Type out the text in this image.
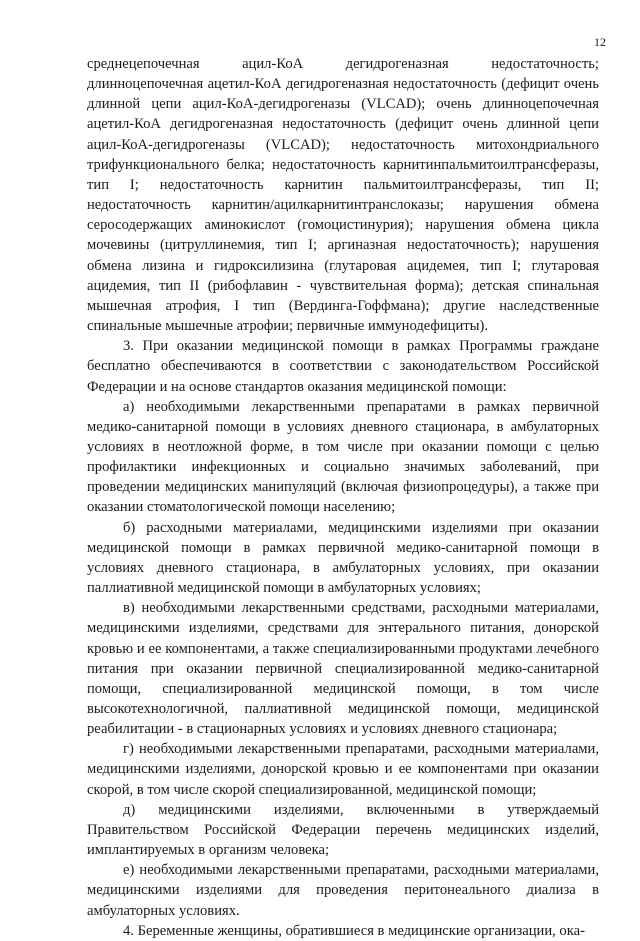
12

среднецепочечная ацил-КоА дегидрогеназная недостаточность; длинноцепочечная ацетил-КоА дегидрогеназная недостаточность (дефицит очень длинной цепи ацил-КоА-дегидрогеназы (VLCAD); очень длинноцепочечная ацетил-КоА дегидрогеназная недостаточность (дефицит очень длинной цепи ацил-КоА-дегидрогеназы (VLCAD); недостаточность митохондриального трифункционального белка; недостаточность карнитинпальмитоилтрансферазы, тип I; недостаточность карнитин пальмитоилтрансферазы, тип II; недостаточность карнитин/ацилкарнитинтранслоказы; нарушения обмена серосодержащих аминокислот (гомоцистинурия); нарушения обмена цикла мочевины (цитруллинемия, тип I; аргиназная недостаточность); нарушения обмена лизина и гидроксилизина (глутаровая ацидемея, тип I; глутаровая ацидемия, тип II (рибофлавин - чувствительная форма); детская спинальная мышечная атрофия, I тип (Вердинга-Гоффмана); другие наследственные спинальные мышечные атрофии; первичные иммунодефициты).

3. При оказании медицинской помощи в рамках Программы граждане бесплатно обеспечиваются в соответствии с законодательством Российской Федерации и на основе стандартов оказания медицинской помощи:

а) необходимыми лекарственными препаратами в рамках первичной медико-санитарной помощи в условиях дневного стационара, в амбулаторных условиях в неотложной форме, в том числе при оказании помощи с целью профилактики инфекционных и социально значимых заболеваний, при проведении медицинских манипуляций (включая физиопроцедуры), а также при оказании стоматологической помощи населению;

б) расходными материалами, медицинскими изделиями при оказании медицинской помощи в рамках первичной медико-санитарной помощи в условиях дневного стационара, в амбулаторных условиях, при оказании паллиативной медицинской помощи в амбулаторных условиях;

в) необходимыми лекарственными средствами, расходными материалами, медицинскими изделиями, средствами для энтерального питания, донорской кровью и ее компонентами, а также специализированными продуктами лечебного питания при оказании первичной специализированной медико-санитарной помощи, специализированной медицинской помощи, в том числе высокотехнологичной, паллиативной медицинской помощи, медицинской реабилитации - в стационарных условиях и условиях дневного стационара;

г) необходимыми лекарственными препаратами, расходными материалами, медицинскими изделиями, донорской кровью и ее компонентами при оказании скорой, в том числе скорой специализированной, медицинской помощи;

д) медицинскими изделиями, включенными в утверждаемый Правительством Российской Федерации перечень медицинских изделий, имплантируемых в организм человека;

е) необходимыми лекарственными препаратами, расходными материалами, медицинскими изделиями для проведения перитонеального диализа в амбулаторных условиях.

4. Беременные женщины, обратившиеся в медицинские организации, ока-
